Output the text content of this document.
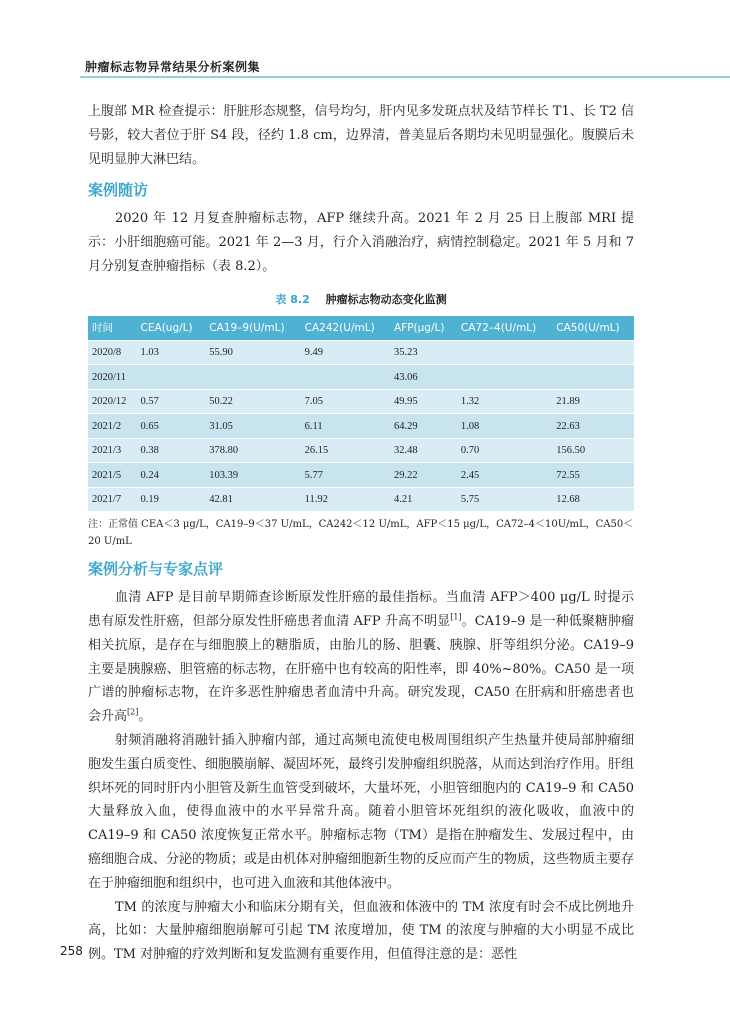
肿瘤标志物异常结果分析案例集

上腹部 MR 检查提示：肝脏形态规整，信号均匀，肝内见多发斑点状及结节样长 T1、长 T2 信号影，较大者位于肝 S4 段，径约 1.8 cm，边界清，普美显后各期均未见明显强化。腹膜后未见明显肿大淋巴结。

案例随访

2020 年 12 月复查肿瘤标志物，AFP 继续升高。2021 年 2 月 25 日上腹部 MRI 提示：小肝细胞癌可能。2021 年 2—3 月，行介入消融治疗，病情控制稳定。2021 年 5 月和 7 月分别复查肿瘤指标（表 8.2）。

表 8.2 肿瘤标志物动态变化监测
时间	CEA(ug/L)	CA19–9(U/mL)	CA242(U/mL)	AFP(μg/L)	CA72–4(U/mL)	CA50(U/mL)
2020/8	1.03	55.90	9.49	35.23		
2020/11				43.06		
2020/12	0.57	50.22	7.05	49.95	1.32	21.89
2021/2	0.65	31.05	6.11	64.29	1.08	22.63
2021/3	0.38	378.80	26.15	32.48	0.70	156.50
2021/5	0.24	103.39	5.77	29.22	2.45	72.55
2021/7	0.19	42.81	11.92	4.21	5.75	12.68
注：正常值 CEA＜3 μg/L，CA19–9＜37 U/mL，CA242＜12 U/mL，AFP＜15 μg/L，CA72–4＜10U/mL，CA50＜20 U/mL
案例分析与专家点评

血清 AFP 是目前早期筛查诊断原发性肝癌的最佳指标。当血清 AFP＞400 μg/L 时提示患有原发性肝癌，但部分原发性肝癌患者血清 AFP 升高不明显[1]。CA19–9 是一种低聚糖肿瘤相关抗原，是存在与细胞膜上的糖脂质，由胎儿的肠、胆囊、胰腺、肝等组织分泌。CA19–9 主要是胰腺癌、胆管癌的标志物，在肝癌中也有较高的阳性率，即 40%~80%。CA50 是一项广谱的肿瘤标志物，在许多恶性肿瘤患者血清中升高。研究发现，CA50 在肝病和肝癌患者也会升高[2]。

射频消融将消融针插入肿瘤内部，通过高频电流使电极周围组织产生热量并使局部肿瘤细胞发生蛋白质变性、细胞膜崩解、凝固坏死，最终引发肿瘤组织脱落，从而达到治疗作用。肝组织坏死的同时肝内小胆管及新生血管受到破坏，大量坏死，小胆管细胞内的 CA19–9 和 CA50 大量释放入血，使得血液中的水平异常升高。随着小胆管坏死组织的液化吸收，血液中的 CA19–9 和 CA50 浓度恢复正常水平。肿瘤标志物（TM）是指在肿瘤发生、发展过程中，由癌细胞合成、分泌的物质；或是由机体对肿瘤细胞新生物的反应而产生的物质，这些物质主要存在于肿瘤细胞和组织中，也可进入血液和其他体液中。

TM 的浓度与肿瘤大小和临床分期有关，但血液和体液中的 TM 浓度有时会不成比例地升高，比如：大量肿瘤细胞崩解可引起 TM 浓度增加，使 TM 的浓度与肿瘤的大小明显不成比例。TM 对肿瘤的疗效判断和复发监测有重要作用，但值得注意的是：恶性

258
